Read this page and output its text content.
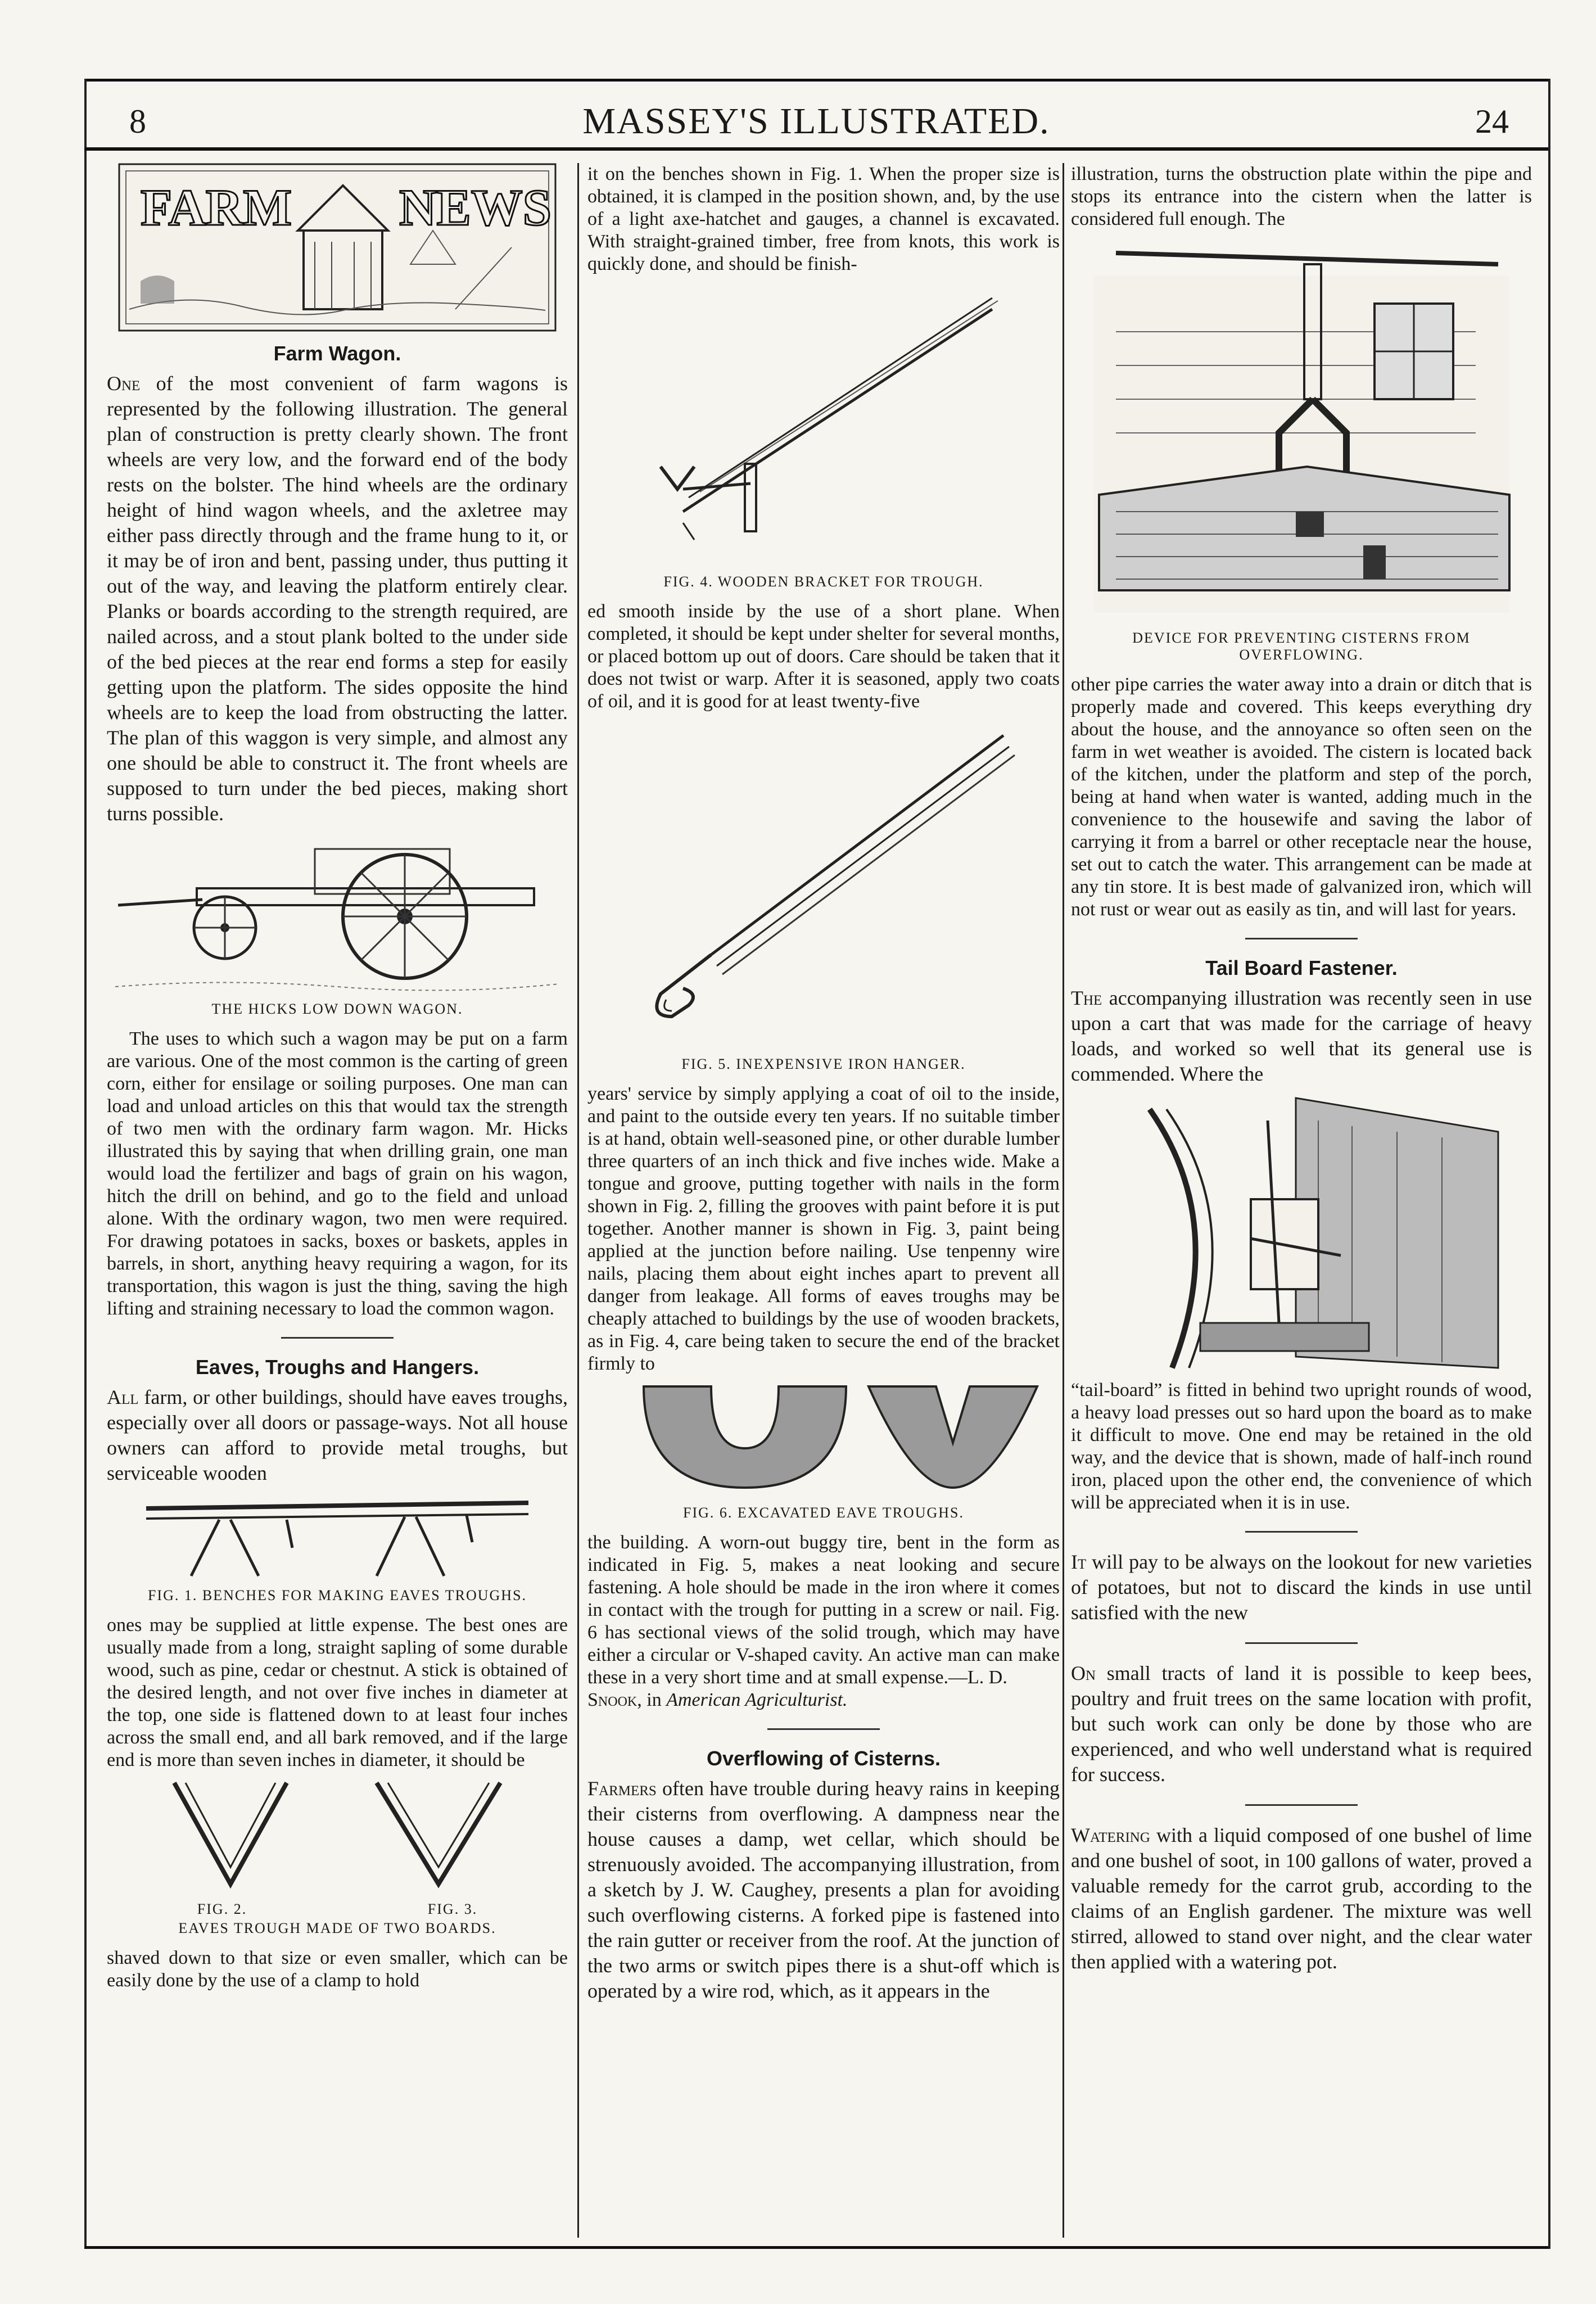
8	MASSEY'S ILLUSTRATED.	24
FARM NEWS
Farm Wagon.

One of the most convenient of farm wagons is represented by the following illustration. The general plan of construction is pretty clearly shown. The front wheels are very low, and the forward end of the body rests on the bolster. The hind wheels are the ordinary height of hind wagon wheels, and the axletree may either pass directly through and the frame hung to it, or it may be of iron and bent, passing under, thus putting it out of the way, and leaving the platform entirely clear. Planks or boards according to the strength required, are nailed across, and a stout plank bolted to the under side of the bed pieces at the rear end forms a step for easily getting upon the platform. The sides opposite the hind wheels are to keep the load from obstructing the latter. The plan of this waggon is very simple, and almost any one should be able to construct it. The front wheels are supposed to turn under the bed pieces, making short turns possible.

THE HICKS LOW DOWN WAGON.

The uses to which such a wagon may be put on a farm are various. One of the most common is the carting of green corn, either for ensilage or soiling purposes. One man can load and unload articles on this that would tax the strength of two men with the ordinary farm wagon. Mr. Hicks illustrated this by saying that when drilling grain, one man would load the fertilizer and bags of grain on his wagon, hitch the drill on behind, and go to the field and unload alone. With the ordinary wagon, two men were required. For drawing potatoes in sacks, boxes or baskets, apples in barrels, in short, anything heavy requiring a wagon, for its transportation, this wagon is just the thing, saving the high lifting and straining necessary to load the common wagon.

Eaves, Troughs and Hangers.

All farm, or other buildings, should have eaves troughs, especially over all doors or passage-ways. Not all house owners can afford to provide metal troughs, but serviceable wooden

FIG. 1. BENCHES FOR MAKING EAVES TROUGHS.

ones may be supplied at little expense. The best ones are usually made from a long, straight sapling of some durable wood, such as pine, cedar or chestnut. A stick is obtained of the desired length, and not over five inches in diameter at the top, one side is flattened down to at least four inches across the small end, and all bark removed, and if the large end is more than seven inches in diameter, it should be

FIG. 2.	FIG. 3.
EAVES TROUGH MADE OF TWO BOARDS.

shaved down to that size or even smaller, which can be easily done by the use of a clamp to hold

it on the benches shown in Fig. 1. When the proper size is obtained, it is clamped in the position shown, and, by the use of a light axe-hatchet and gauges, a channel is excavated. With straight-grained timber, free from knots, this work is quickly done, and should be finish-

FIG. 4. WOODEN BRACKET FOR TROUGH.

ed smooth inside by the use of a short plane. When completed, it should be kept under shelter for several months, or placed bottom up out of doors. Care should be taken that it does not twist or warp. After it is seasoned, apply two coats of oil, and it is good for at least twenty-five

FIG. 5. INEXPENSIVE IRON HANGER.

years' service by simply applying a coat of oil to the inside, and paint to the outside every ten years. If no suitable timber is at hand, obtain well-seasoned pine, or other durable lumber three quarters of an inch thick and five inches wide. Make a tongue and groove, putting together with nails in the form shown in Fig. 2, filling the grooves with paint before it is put together. Another manner is shown in Fig. 3, paint being applied at the junction before nailing. Use tenpenny wire nails, placing them about eight inches apart to prevent all danger from leakage. All forms of eaves troughs may be cheaply attached to buildings by the use of wooden brackets, as in Fig. 4, care being taken to secure the end of the bracket firmly to

FIG. 6. EXCAVATED EAVE TROUGHS.

the building. A worn-out buggy tire, bent in the form as indicated in Fig. 5, makes a neat looking and secure fastening. A hole should be made in the iron where it comes in contact with the trough for putting in a screw or nail. Fig. 6 has sectional views of the solid trough, which may have either a circular or V-shaped cavity. An active man can make these in a very short time and at small expense.—L. D.
Snook, in American Agriculturist.

Overflowing of Cisterns.

Farmers often have trouble during heavy rains in keeping their cisterns from overflowing. A dampness near the house causes a damp, wet cellar, which should be strenuously avoided. The accompanying illustration, from a sketch by J. W. Caughey, presents a plan for avoiding such overflowing cisterns. A forked pipe is fastened into the rain gutter or receiver from the roof. At the junction of the two arms or switch pipes there is a shut-off which is operated by a wire rod, which, as it appears in the

illustration, turns the obstruction plate within the pipe and stops its entrance into the cistern when the latter is considered full enough. The

DEVICE FOR PREVENTING CISTERNS FROM OVERFLOWING.

other pipe carries the water away into a drain or ditch that is properly made and covered. This keeps everything dry about the house, and the annoyance so often seen on the farm in wet weather is avoided. The cistern is located back of the kitchen, under the platform and step of the porch, being at hand when water is wanted, adding much in the convenience to the housewife and saving the labor of carrying it from a barrel or other receptacle near the house, set out to catch the water. This arrangement can be made at any tin store. It is best made of galvanized iron, which will not rust or wear out as easily as tin, and will last for years.

Tail Board Fastener.

The accompanying illustration was recently seen in use upon a cart that was made for the carriage of heavy loads, and worked so well that its general use is commended. Where the

“tail-board” is fitted in behind two upright rounds of wood, a heavy load presses out so hard upon the board as to make it difficult to move. One end may be retained in the old way, and the device that is shown, made of half-inch round iron, placed upon the other end, the convenience of which will be appreciated when it is in use.

It will pay to be always on the lookout for new varieties of potatoes, but not to discard the kinds in use until satisfied with the new

On small tracts of land it is possible to keep bees, poultry and fruit trees on the same location with profit, but such work can only be done by those who are experienced, and who well understand what is required for success.

Watering with a liquid composed of one bushel of lime and one bushel of soot, in 100 gallons of water, proved a valuable remedy for the carrot grub, according to the claims of an English gardener. The mixture was well stirred, allowed to stand over night, and the clear water then applied with a watering pot.
